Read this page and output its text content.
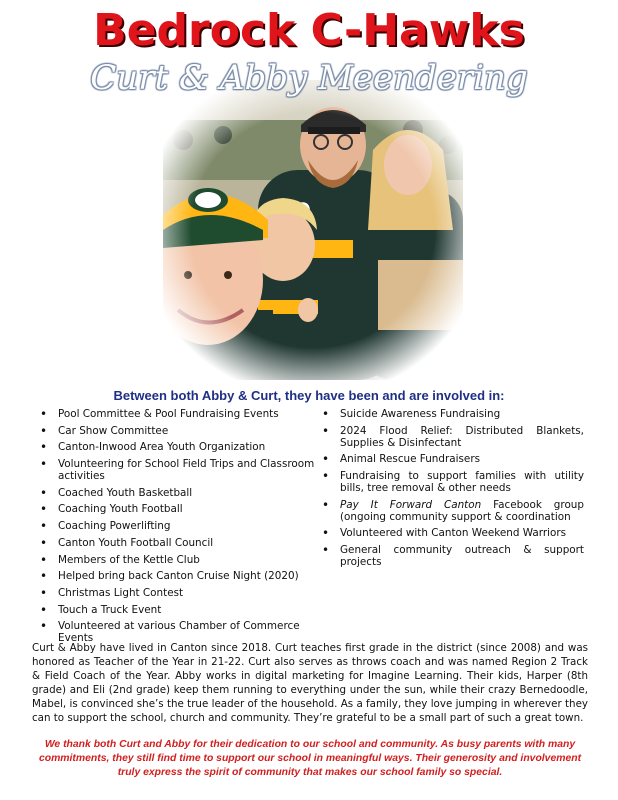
Bedrock C-Hawks
Curt & Abby Meendering
Between both Abby & Curt, they have been and are involved in:
• Pool Committee & Pool Fundraising Events
• Car Show Committee
• Canton-Inwood Area Youth Organization
• Volunteering for School Field Trips and Classroom activities
• Coached Youth Basketball
• Coaching Youth Football
• Coaching Powerlifting
• Canton Youth Football Council
• Members of the Kettle Club
• Helped bring back Canton Cruise Night (2020)
• Christmas Light Contest
• Touch a Truck Event
• Volunteered at various Chamber of Commerce Events
• Suicide Awareness Fundraising
• 2024 Flood Relief: Distributed Blankets, Supplies & Disinfectant
• Animal Rescue Fundraisers
• Fundraising to support families with utility bills, tree removal & other needs
• Pay It Forward Canton Facebook group (ongoing community support & coordination
• Volunteered with Canton Weekend Warriors
• General community outreach & support projects

Curt & Abby have lived in Canton since 2018. Curt teaches first grade in the district (since 2008) and was honored as Teacher of the Year in 21-22. Curt also serves as throws coach and was named Region 2 Track & Field Coach of the Year. Abby works in digital marketing for Imagine Learning. Their kids, Harper (8th grade) and Eli (2nd grade) keep them running to everything under the sun, while their crazy Bernedoodle, Mabel, is convinced she’s the true leader of the household. As a family, they love jumping in wherever they can to support the school, church and community. They’re grateful to be a small part of such a great town.

We thank both Curt and Abby for their dedication to our school and community. As busy parents with many commitments, they still find time to support our school in meaningful ways. Their generosity and involvement truly express the spirit of community that makes our school family so special.
